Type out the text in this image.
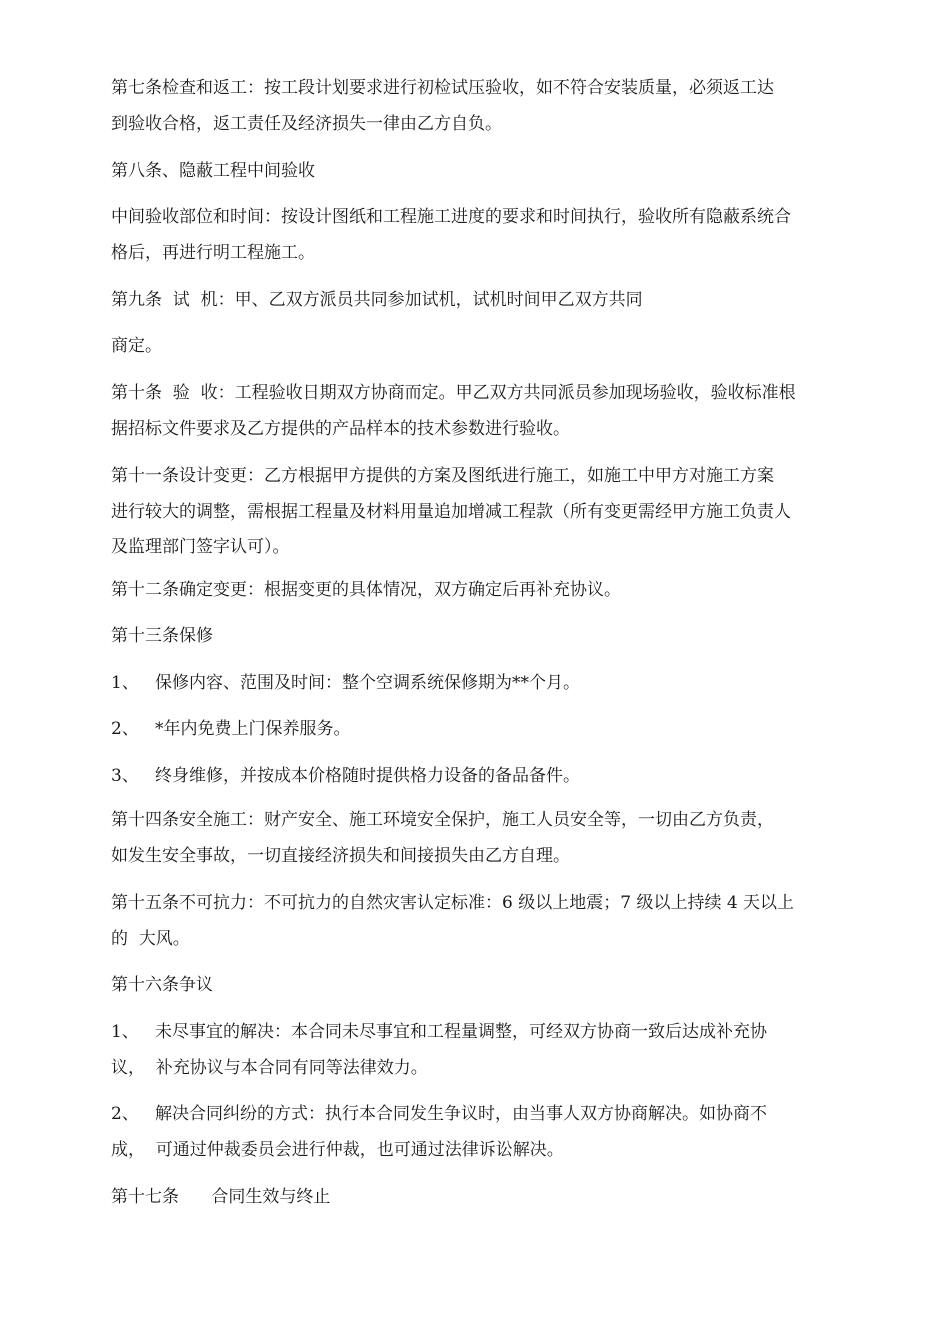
第七条检查和返工：按工段计划要求进行初检试压验收，如不符合安装质量，必须返工达
到验收合格，返工责任及经济损失一律由乙方自负。
第八条、隐蔽工程中间验收
中间验收部位和时间：按设计图纸和工程施工进度的要求和时间执行，验收所有隐蔽系统合
格后，再进行明工程施工。
第九条  试  机：甲、乙双方派员共同参加试机，试机时间甲乙双方共同
商定。
第十条  验  收：工程验收日期双方协商而定。甲乙双方共同派员参加现场验收，验收标准根
据招标文件要求及乙方提供的产品样本的技术参数进行验收。
第十一条设计变更：乙方根据甲方提供的方案及图纸进行施工，如施工中甲方对施工方案
进行较大的调整，需根据工程量及材料用量追加增减工程款（所有变更需经甲方施工负责人
及监理部门签字认可）。
第十二条确定变更：根据变更的具体情况，双方确定后再补充协议。
第十三条保修
1、   保修内容、范围及时间：整个空调系统保修期为**个月。
2、   *年内免费上门保养服务。
3、   终身维修，并按成本价格随时提供格力设备的备品备件。
第十四条安全施工：财产安全、施工环境安全保护，施工人员安全等，一切由乙方负责，
如发生安全事故，一切直接经济损失和间接损失由乙方自理。
第十五条不可抗力：不可抗力的自然灾害认定标准：6 级以上地震；7 级以上持续 4 天以上
的  大风。
第十六条争议
1、   未尽事宜的解决：本合同未尽事宜和工程量调整，可经双方协商一致后达成补充协
议，  补充协议与本合同有同等法律效力。
2、   解决合同纠纷的方式：执行本合同发生争议时，由当事人双方协商解决。如协商不
成，  可通过仲裁委员会进行仲裁，也可通过法律诉讼解决。
第十七条      合同生效与终止
